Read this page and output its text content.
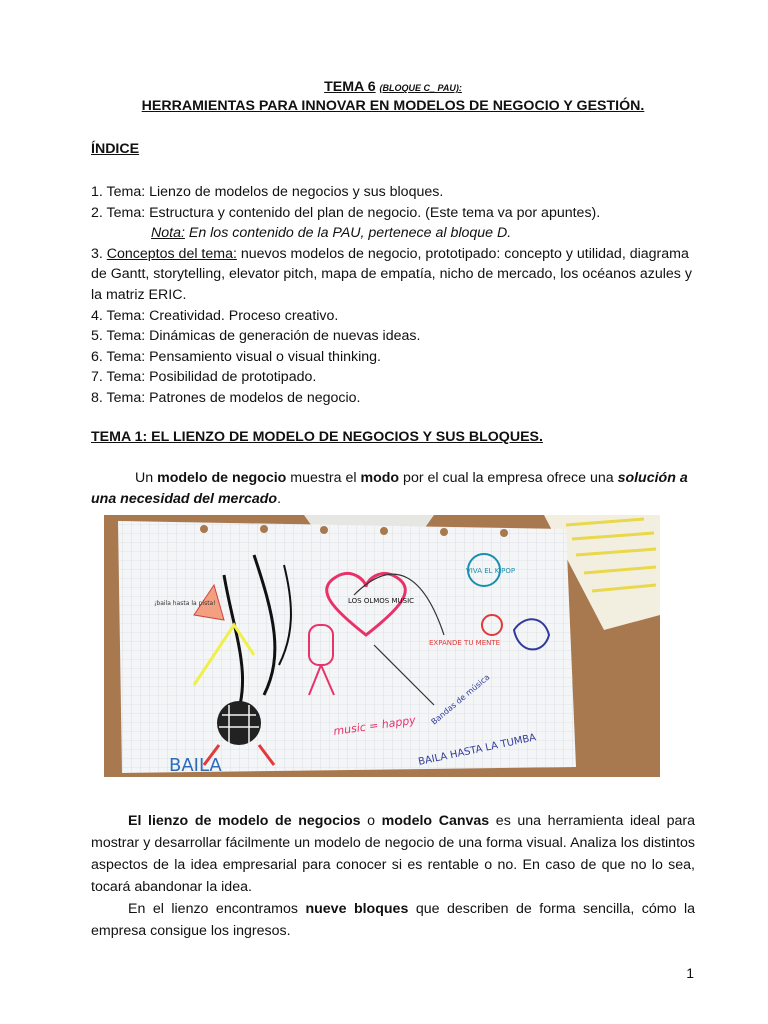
TEMA 6 (BLOQUE C_ PAU):
HERRAMIENTAS PARA INNOVAR EN MODELOS DE NEGOCIO Y GESTIÓN.
ÍNDICE
1. Tema: Lienzo de modelos de negocios y sus bloques.
2. Tema: Estructura y contenido del plan de negocio. (Este tema va por apuntes).
Nota: En los contenido de la PAU, pertenece al bloque D.
3. Conceptos del tema: nuevos modelos de negocio, prototipado: concepto y utilidad, diagrama de Gantt, storytelling, elevator pitch, mapa de empatía, nicho de mercado, los océanos azules y la matriz ERIC.
4. Tema: Creatividad. Proceso creativo.
5. Tema: Dinámicas de generación de nuevas ideas.
6. Tema: Pensamiento visual o visual thinking.
7. Tema: Posibilidad de prototipado.
8. Tema: Patrones de modelos de negocio.
TEMA 1: EL LIENZO DE MODELO DE NEGOCIOS Y SUS BLOQUES.
Un modelo de negocio muestra el modo por el cual la empresa ofrece una solución a una necesidad del mercado.
El lienzo de modelo de negocios o modelo Canvas es una herramienta ideal para mostrar y desarrollar fácilmente un modelo de negocio de una forma visual. Analiza los distintos aspectos de la idea empresarial para conocer si es rentable o no. En caso de que no lo sea, tocará abandonar la idea.
En el lienzo encontramos nueve bloques que describen de forma sencilla, cómo la empresa consigue los ingresos.
LOS OLMOS MUSIC
VIVA EL K-POP
EXPANDE TU MENTE
¡baila hasta la pista!
BAILA	BAILA HASTA LA TUMBA
music = happy Bandas de música
1
